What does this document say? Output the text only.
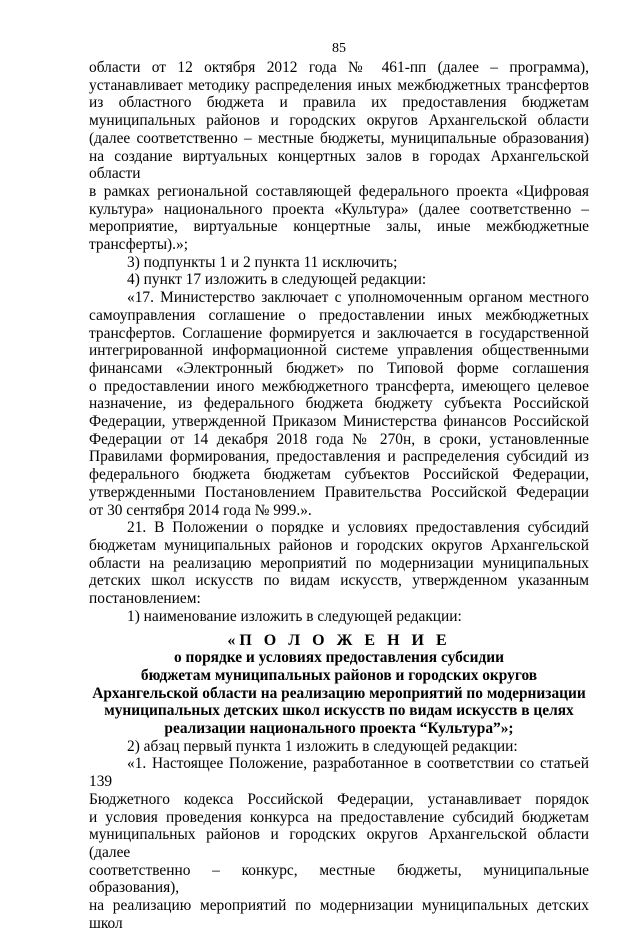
85
области от 12 октября 2012 года № 461-пп (далее – программа),
устанавливает методику распределения иных межбюджетных трансфертов
из областного бюджета и правила их предоставления бюджетам
муниципальных районов и городских округов Архангельской области
(далее соответственно – местные бюджеты, муниципальные образования)
на создание виртуальных концертных залов в городах Архангельской области
в рамках региональной составляющей федерального проекта «Цифровая
культура» национального проекта «Культура» (далее соответственно –
мероприятие, виртуальные концертные залы, иные межбюджетные
трансферты).»;
3) подпункты 1 и 2 пункта 11 исключить;
4) пункт 17 изложить в следующей редакции:
«17. Министерство заключает с уполномоченным органом местного
самоуправления соглашение о предоставлении иных межбюджетных
трансфертов. Соглашение формируется и заключается в государственной
интегрированной информационной системе управления общественными
финансами «Электронный бюджет» по Типовой форме соглашения
о предоставлении иного межбюджетного трансферта, имеющего целевое
назначение, из федерального бюджета бюджету субъекта Российской
Федерации, утвержденной Приказом Министерства финансов Российской
Федерации от 14 декабря 2018 года № 270н, в сроки, установленные
Правилами формирования, предоставления и распределения субсидий из
федерального бюджета бюджетам субъектов Российской Федерации,
утвержденными Постановлением Правительства Российской Федерации
от 30 сентября 2014 года № 999.».
21. В Положении о порядке и условиях предоставления субсидий
бюджетам муниципальных районов и городских округов Архангельской
области на реализацию мероприятий по модернизации муниципальных
детских школ искусств по видам искусств, утвержденном указанным
постановлением:
1) наименование изложить в следующей редакции:
«П О Л О Ж Е Н И Е
о порядке и условиях предоставления субсидии
бюджетам муниципальных районов и городских округов
Архангельской области на реализацию мероприятий по модернизации
муниципальных детских школ искусств по видам искусств в целях
реализации национального проекта “Культура”»;
2) абзац первый пункта 1 изложить в следующей редакции:
«1. Настоящее Положение, разработанное в соответствии со статьей 139
Бюджетного кодекса Российской Федерации, устанавливает порядок
и условия проведения конкурса на предоставление субсидий бюджетам
муниципальных районов и городских округов Архангельской области (далее
соответственно – конкурс, местные бюджеты, муниципальные образования),
на реализацию мероприятий по модернизации муниципальных детских школ
